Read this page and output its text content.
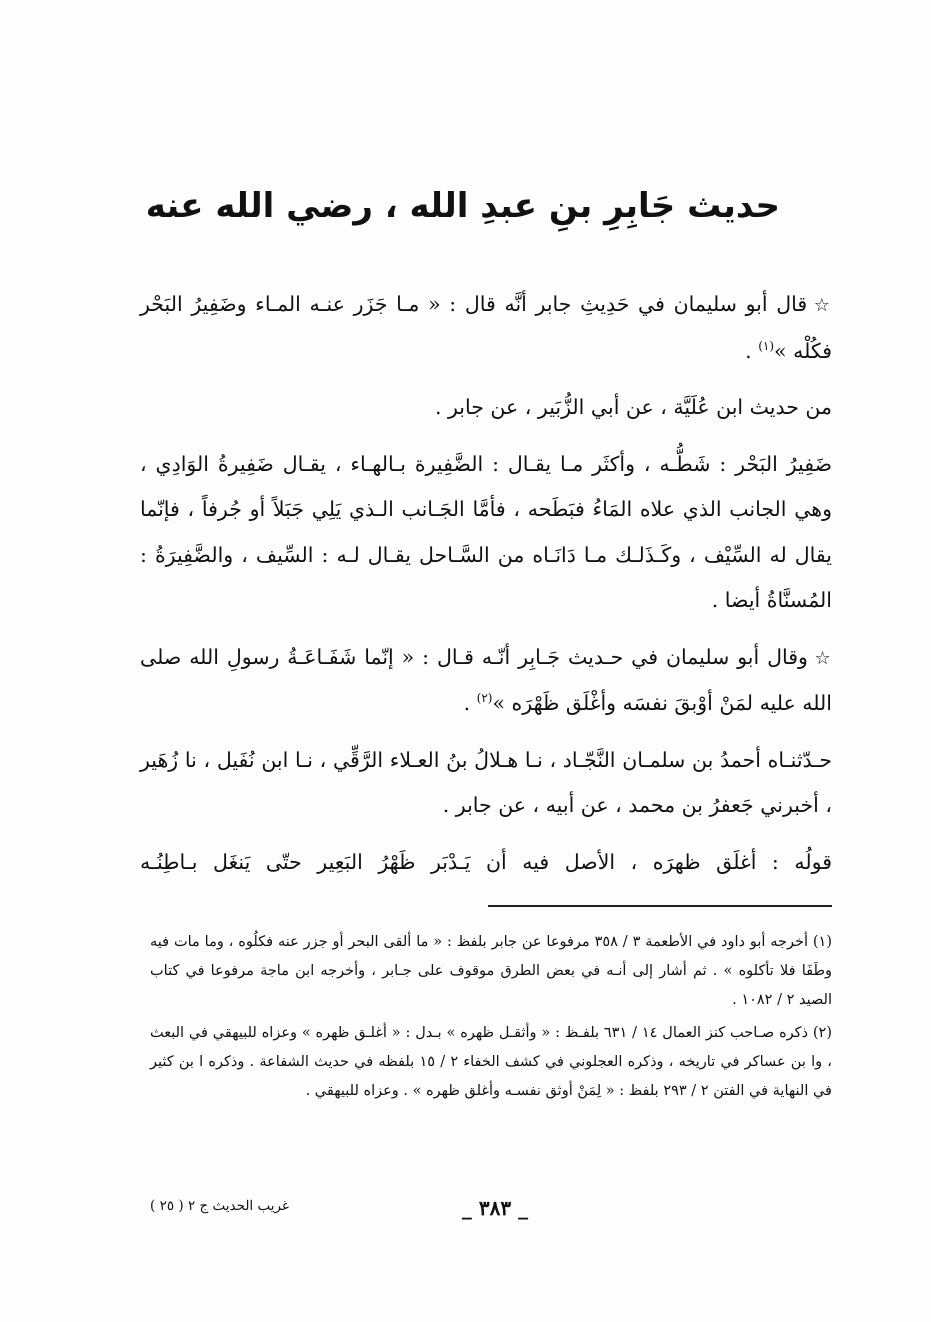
حديث جَابِرِ بنِ عبدِ الله ، رضي الله عنه

☆ قال أبو سليمان في حَدِيثِ جابر أنَّه قال : « مـا جَزَر عنـه المـاء وضَفِيرُ البَحْر فكُلْه »$^{(١)}$ .

من حديث ابن عُلَيَّة ، عن أبي الزُّبَير ، عن جابر .

ضَفِيرُ البَحْر : شَطُّـه ، وأكثَر مـا يقـال : الضَّفِيرة بـالهـاء ، يقـال ضَفِيرةُ الوَادِي ، وهي الجانب الذي علاه المَاءُ فبَطَحه ، فأمَّا الجَـانب الـذي يَلِي جَبَلاً أو جُرفاً ، فإنّما يقال له السِّيْف ، وكَـذَلـك مـا دَانَـاه من السَّـاحل يقـال لـه : السِّيف ، والضَّفِيرَةُ : المُسنَّاةُ أيضا .

☆ وقال أبو سليمان في حـديث جَـابِر أنّـه قـال : « إنّما شَفَـاعَـةُ رسولِ الله صلى الله عليه لمَنْ أوْبقَ نفسَه وأغْلَق ظَهْرَه »$^{(٢)}$ .

حـدّثنـاه أحمدُ بن سلمـان النَّجّـاد ، نـا هـلالُ بنُ العـلاء الرَّقِّي ، نـا ابن نُفَيل ، نا زُهَير ، أخبرني جَعفرُ بن محمد ، عن أبيه ، عن جابر .

قولُه : أغلَق ظهرَه ، الأصل فيه أن يَـدْبَر ظَهْرُ البَعِير حتّى يَنغَل بـاطِنُـه

(١) أخرجه أبو داود في الأطعمة ٣ / ٣٥٨ مرفوعا عن جابر بلفظ : « ما ألقى البحر أو جزر عنه فكلُوه ، وما مات فيه وطَفَا فلا تأكلوه » . ثم أشار إلى أنـه في بعض الطرق موقوف على جـابر ، وأخرجه ابن ماجة مرفوعا في كتاب الصيد ٢ / ١٠٨٢ .

(٢) ذكره صـاحب كنز العمال ١٤ / ٦٣١ بلفـظ : « وأثقـل ظهره » بـدل : « أغلـق ظهره » وعزاه للبيهقي في البعث ، وا بن عساكر في تاريخه ، وذكره العجلوني في كشف الخفاء ٢ / ١٥ بلفظه في حديث الشفاعة . وذكره ا بن كثير في النهاية في الفتن ٢ / ٢٩٣ بلفظ : « لِمَنْ أوثق نفسـه وأغلق ظهره » . وعزاه للبيهقي .

_ ٣٨٣ _
غريب الحديث ج ٢ ( ٢٥ )
